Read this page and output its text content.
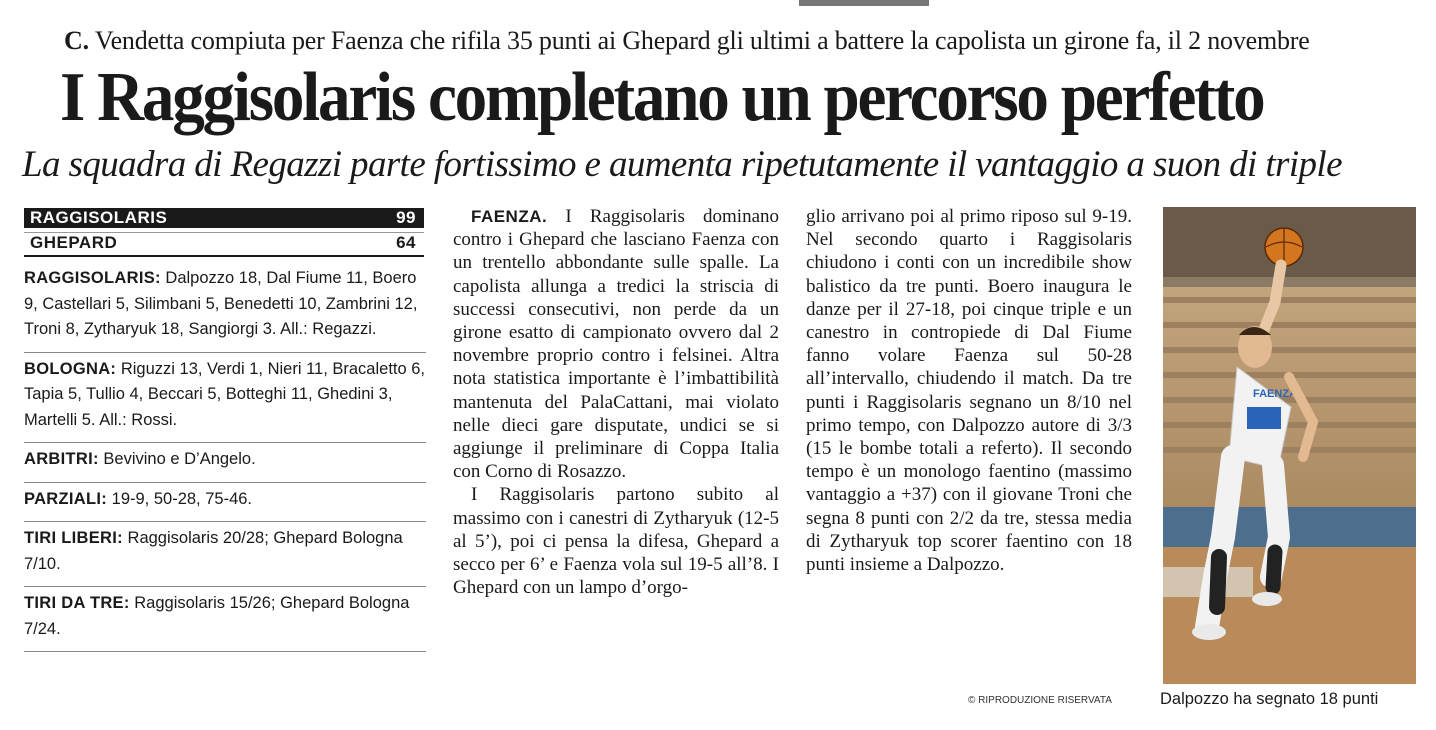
C. Vendetta compiuta per Faenza che rifila 35 punti ai Ghepard gli ultimi a battere la capolista un girone fa, il 2 novembre
I Raggisolaris completano un percorso perfetto
La squadra di Regazzi parte fortissimo e aumenta ripetutamente il vantaggio a suon di triple
RAGGISOLARIS	99
GHEPARD	64
RAGGISOLARIS: Dalpozzo 18, Dal Fiume 11, Boero 9, Castellari 5, Silimbani 5, Benedetti 10, Zambrini 12, Troni 8, Zytharyuk 18, Sangiorgi 3. All.: Regazzi.
BOLOGNA: Riguzzi 13, Verdi 1, Nieri 11, Bracaletto 6, Tapia 5, Tullio 4, Beccari 5, Botteghi 11, Ghedini 3, Martelli 5. All.: Rossi.
ARBITRI: Bevivino e D’Angelo.
PARZIALI: 19-9, 50-28, 75-46.
TIRI LIBERI: Raggisolaris 20/28; Ghepard Bologna 7/10.
TIRI DA TRE: Raggisolaris 15/26; Ghepard Bologna 7/24.

FAENZA. I Raggisolaris dominano contro i Ghepard che lasciano Faenza con un trentello abbondante sulle spalle. La capolista allunga a tredici la striscia di successi consecutivi, non perde da un girone esatto di campionato ovvero dal 2 novembre proprio contro i felsinei. Altra nota statistica importante è l’imbattibilità mantenuta del PalaCattani, mai violato nelle dieci gare disputate, undici se si aggiunge il preliminare di Coppa Italia con Corno di Rosazzo.

I Raggisolaris partono subito al massimo con i canestri di Zytharyuk (12-5 al 5’), poi ci pensa la difesa, Ghepard a secco per 6’ e Faenza vola sul 19-5 all’8. I Ghepard con un lampo d’orgo-

glio arrivano poi al primo riposo sul 9-19. Nel secondo quarto i Raggisolaris chiudono i conti con un incredibile show balistico da tre punti. Boero inaugura le danze per il 27-18, poi cinque triple e un canestro in contropiede di Dal Fiume fanno volare Faenza sul 50-28 all’intervallo, chiudendo il match. Da tre punti i Raggisolaris segnano un 8/10 nel primo tempo, con Dalpozzo autore di 3/3 (15 le bombe totali a referto). Il secondo tempo è un monologo faentino (massimo vantaggio a +37) con il giovane Troni che segna 8 punti con 2/2 da tre, stessa media di Zytharyuk top scorer faentino con 18 punti insieme a Dalpozzo.

© RIPRODUZIONE RISERVATA
FAENZA
Dalpozzo ha segnato 18 punti
